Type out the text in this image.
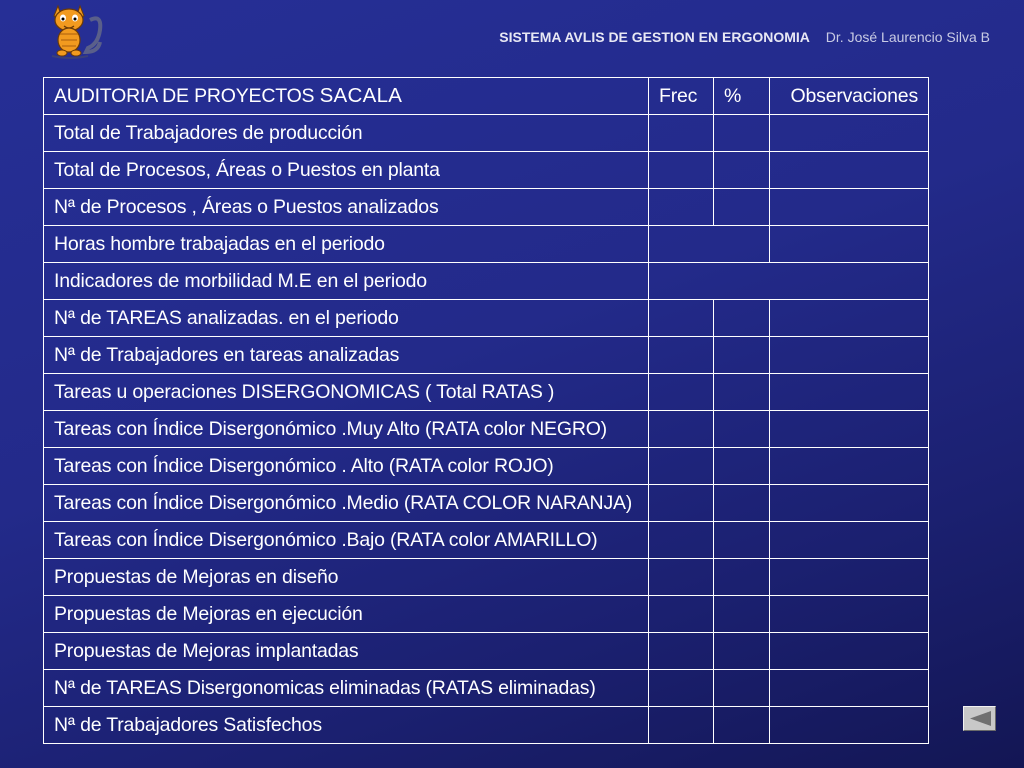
SISTEMA AVLIS DE GESTION EN ERGONOMIA Dr. José Laurencio Silva B
AUDITORIA DE PROYECTOS SACALA	Frec	%	Observaciones
Total de Trabajadores de producción			
Total de Procesos, Áreas o Puestos en planta			
Nª de Procesos , Áreas o Puestos analizados			
Horas hombre trabajadas en el periodo			
Indicadores de morbilidad M.E en el periodo			
Nª de TAREAS analizadas. en el periodo			
Nª de Trabajadores en tareas analizadas			
Tareas u operaciones DISERGONOMICAS ( Total RATAS )			
Tareas con Índice Disergonómico .Muy Alto (RATA color NEGRO)			
Tareas con Índice Disergonómico . Alto (RATA color ROJO)			
Tareas con Índice Disergonómico .Medio (RATA COLOR NARANJA)			
Tareas con Índice Disergonómico .Bajo (RATA color AMARILLO)			
Propuestas de Mejoras en diseño			
Propuestas de Mejoras en ejecución			
Propuestas de Mejoras implantadas			
Nª de TAREAS Disergonomicas eliminadas (RATAS eliminadas)			
Nª de Trabajadores Satisfechos			
